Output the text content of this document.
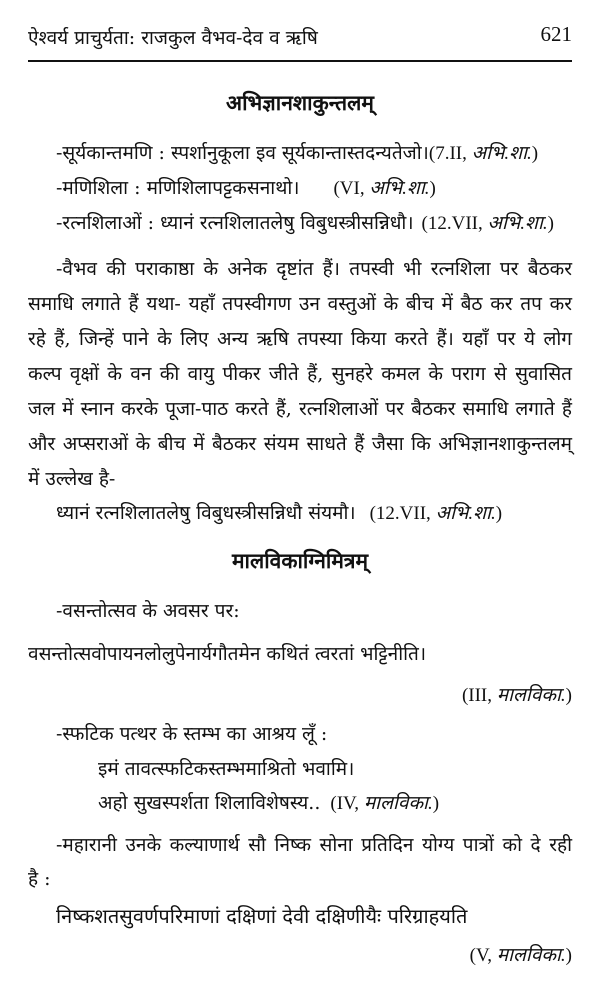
ऐश्वर्य प्राचुर्यता: राजकुल वैभव-देव व ऋषि	621
अभिज्ञानशाकुन्तलम्
-सूर्यकान्तमणि : स्पर्शानुकूला इव सूर्यकान्तास्तदन्यतेजो।(7.II, अभि.शा.)
-मणिशिला : मणिशिलापट्टकसनाथो। (VI, अभि.शा.)
-रत्नशिलाओं : ध्यानं रत्नशिलातलेषु विबुधस्त्रीसन्निधौ। (12.VII, अभि.शा.)
-वैभव की पराकाष्ठा के अनेक दृष्टांत हैं। तपस्वी भी रत्नशिला पर बैठकर
समाधि लगाते हैं यथा- यहाँ तपस्वीगण उन वस्तुओं के बीच में बैठ कर तप कर
रहे हैं, जिन्हें पाने के लिए अन्य ऋषि तपस्या किया करते हैं। यहाँ पर ये लोग
कल्प वृक्षों के वन की वायु पीकर जीते हैं, सुनहरे कमल के पराग से सुवासित
जल में स्नान करके पूजा-पाठ करते हैं, रत्नशिलाओं पर बैठकर समाधि लगाते हैं
और अप्सराओं के बीच में बैठकर संयम साधते हैं जैसा कि अभिज्ञानशाकुन्तलम्
में उल्लेख है-
ध्यानं रत्नशिलातलेषु विबुधस्त्रीसन्निधौ संयमौ। (12.VII, अभि.शा.)
मालविकाग्निमित्रम्
-वसन्तोत्सव के अवसर पर:
वसन्तोत्सवोपायनलोलुपेनार्यगौतमेन कथितं त्वरतां भट्टिनीति।
(III, मालविका.)
-स्फटिक पत्थर के स्तम्भ का आश्रय लूँ :
इमं तावत्स्फटिकस्तम्भमाश्रितो भवामि।
अहो सुखस्पर्शता शिलाविशेषस्य.. (IV, मालविका.)
-महारानी उनके कल्याणार्थ सौ निष्क सोना प्रतिदिन योग्य पात्रों को दे रही
है :
निष्कशतसुवर्णपरिमाणां दक्षिणां देवी दक्षिणीयैः परिग्राहयति
(V, मालविका.)
